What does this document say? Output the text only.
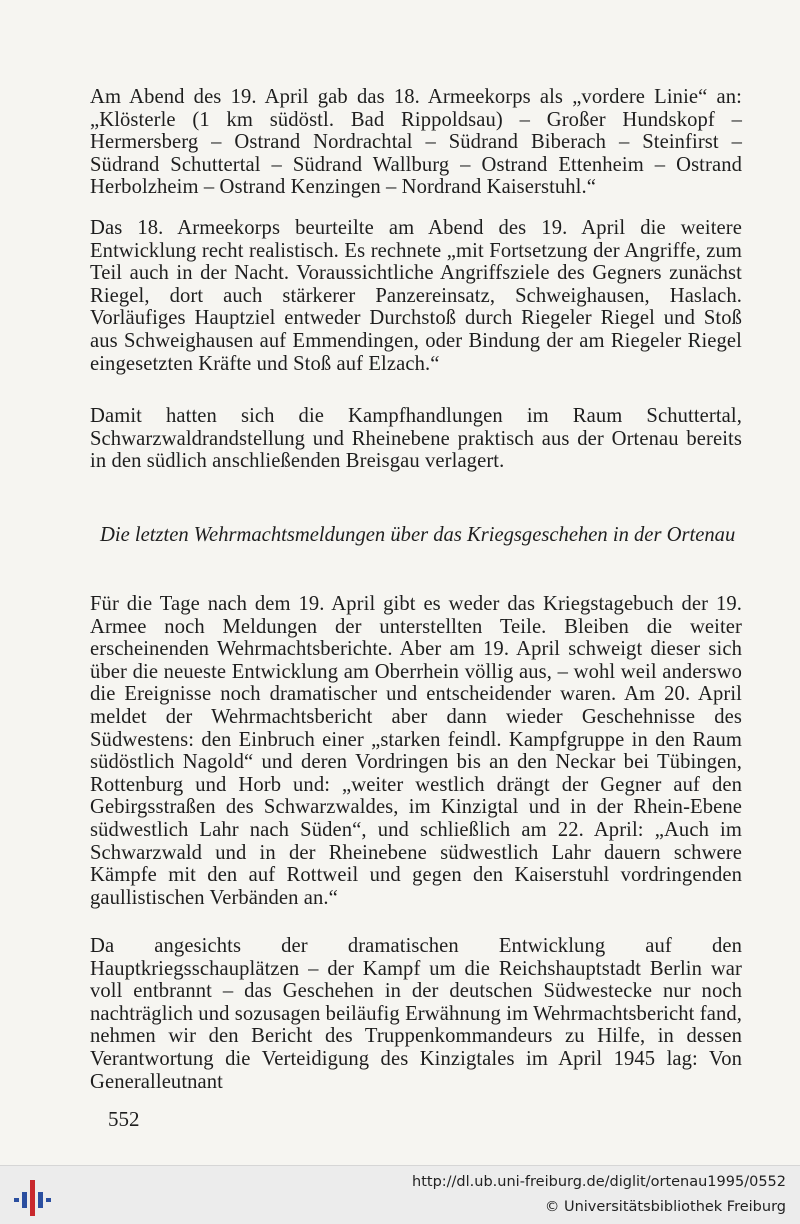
Am Abend des 19. April gab das 18. Armeekorps als „vordere Linie“ an: „Klösterle (1 km südöstl. Bad Rippoldsau) – Großer Hundskopf – Hermersberg – Ostrand Nordrachtal – Südrand Biberach – Steinfirst – Südrand Schuttertal – Südrand Wallburg – Ostrand Ettenheim – Ostrand Herbolzheim – Ostrand Kenzingen – Nordrand Kaiserstuhl.“
Das 18. Armeekorps beurteilte am Abend des 19. April die weitere Entwicklung recht realistisch. Es rechnete „mit Fortsetzung der Angriffe, zum Teil auch in der Nacht. Voraussichtliche Angriffsziele des Gegners zunächst Riegel, dort auch stärkerer Panzereinsatz, Schweighausen, Haslach. Vorläufiges Hauptziel entweder Durchstoß durch Riegeler Riegel und Stoß aus Schweighausen auf Emmendingen, oder Bindung der am Riegeler Riegel eingesetzten Kräfte und Stoß auf Elzach.“
Damit hatten sich die Kampfhandlungen im Raum Schuttertal, Schwarzwaldrandstellung und Rheinebene praktisch aus der Ortenau bereits in den südlich anschließenden Breisgau verlagert.
Die letzten Wehrmachtsmeldungen über das Kriegsgeschehen in der Ortenau
Für die Tage nach dem 19. April gibt es weder das Kriegstagebuch der 19. Armee noch Meldungen der unterstellten Teile. Bleiben die weiter erscheinenden Wehrmachtsberichte. Aber am 19. April schweigt dieser sich über die neueste Entwicklung am Oberrhein völlig aus, – wohl weil anderswo die Ereignisse noch dramatischer und entscheidender waren. Am 20. April meldet der Wehrmachtsbericht aber dann wieder Geschehnisse des Südwestens: den Einbruch einer „starken feindl. Kampfgruppe in den Raum südöstlich Nagold“ und deren Vordringen bis an den Neckar bei Tübingen, Rottenburg und Horb und: „weiter westlich drängt der Gegner auf den Gebirgsstraßen des Schwarzwaldes, im Kinzigtal und in der Rhein-Ebene südwestlich Lahr nach Süden“, und schließlich am 22. April: „Auch im Schwarzwald und in der Rheinebene südwestlich Lahr dauern schwere Kämpfe mit den auf Rottweil und gegen den Kaiserstuhl vordringenden gaullistischen Verbänden an.“
Da angesichts der dramatischen Entwicklung auf den Hauptkriegsschauplätzen – der Kampf um die Reichshauptstadt Berlin war voll entbrannt – das Geschehen in der deutschen Südwestecke nur noch nachträglich und sozusagen beiläufig Erwähnung im Wehrmachtsbericht fand, nehmen wir den Bericht des Truppenkommandeurs zu Hilfe, in dessen Verantwortung die Verteidigung des Kinzigtales im April 1945 lag: Von Generalleutnant
552
http://dl.ub.uni-freiburg.de/diglit/ortenau1995/0552
© Universitätsbibliothek Freiburg
